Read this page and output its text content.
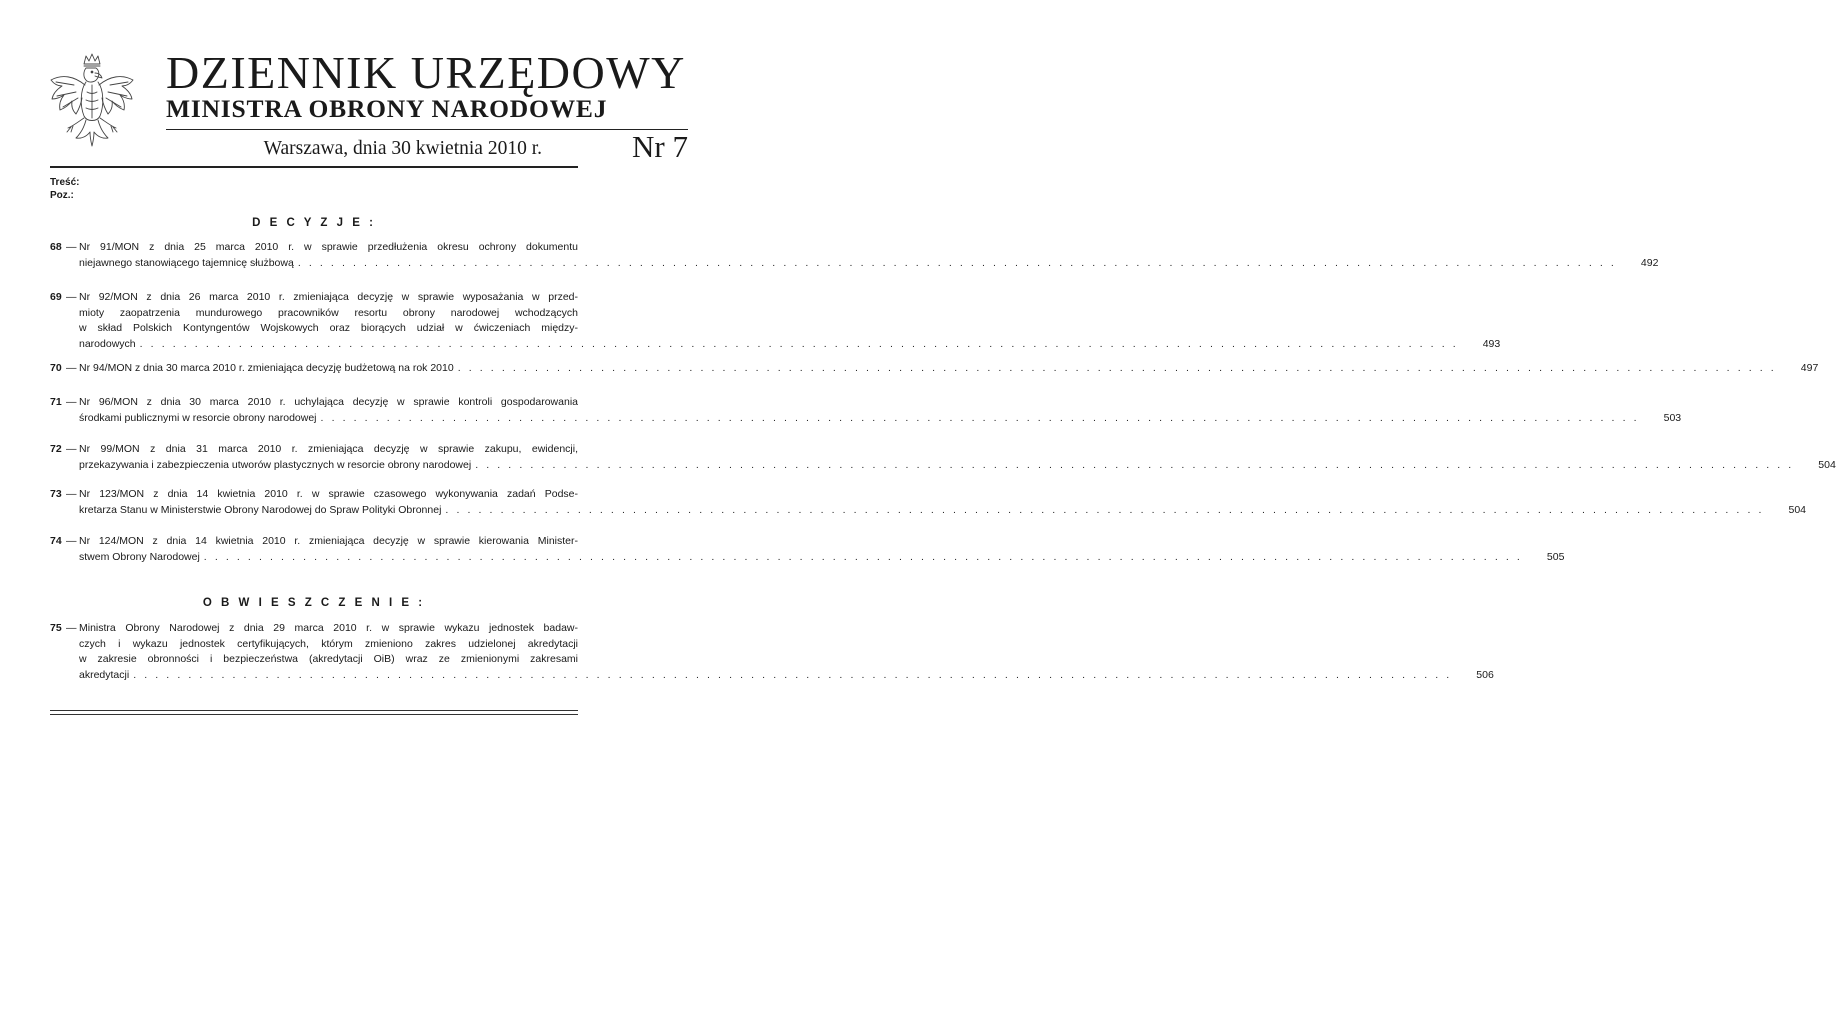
DZIENNIK URZĘDOWY
MINISTRA OBRONY NARODOWEJ
Warszawa, dnia 30 kwietnia 2010 r.	Nr 7
Treść:
Poz.:
D E C Y Z J E :
68 — Nr 91/MON z dnia 25 marca 2010 r. w sprawie przedłużenia okresu ochrony dokumentu
niejawnego stanowiącego tajemnicę służbową . . . . . . . . . . . . . . . . . . . . . . . . . . . . . . . . . . . . . . . . . . . . . . . . . . . . . . . . . . . . . . . . . . . . . . . . . . . . . . . . . . . . . . . . . . . . . . . . . . . . . . . . . . . . . . . . . . . . . . . .	492
69 — Nr 92/MON z dnia 26 marca 2010 r. zmieniająca decyzję w sprawie wyposażania w przed-
mioty zaopatrzenia mundurowego pracowników resortu obrony narodowej wchodzących
w skład Polskich Kontyngentów Wojskowych oraz biorących udział w ćwiczeniach między-
narodowych . . . . . . . . . . . . . . . . . . . . . . . . . . . . . . . . . . . . . . . . . . . . . . . . . . . . . . . . . . . . . . . . . . . . . . . . . . . . . . . . . . . . . . . . . . . . . . . . . . . . . . . . . . . . . . . . . . . . . . . .	493
70 — Nr 94/MON z dnia 30 marca 2010 r. zmieniająca decyzję budżetową na rok 2010 . . . . . . . . . . . . . . . . . . . . . . . . . . . . . . . . . . . . . . . . . . . . . . . . . . . . . . . . . . . . . . . . . . . . . . . . . . . . . . . . . . . . . . . . . . . . . . . . . . . . . . . . . . . . . . . . . . . . . . . .	497
71 — Nr 96/MON z dnia 30 marca 2010 r. uchylająca decyzję w sprawie kontroli gospodarowania
środkami publicznymi w resorcie obrony narodowej . . . . . . . . . . . . . . . . . . . . . . . . . . . . . . . . . . . . . . . . . . . . . . . . . . . . . . . . . . . . . . . . . . . . . . . . . . . . . . . . . . . . . . . . . . . . . . . . . . . . . . . . . . . . . . . . . . . . . . . .	503
72 — Nr 99/MON z dnia 31 marca 2010 r. zmieniająca decyzję w sprawie zakupu, ewidencji,
przekazywania i zabezpieczenia utworów plastycznych w resorcie obrony narodowej . . . . . . . . . . . . . . . . . . . . . . . . . . . . . . . . . . . . . . . . . . . . . . . . . . . . . . . . . . . . . . . . . . . . . . . . . . . . . . . . . . . . . . . . . . . . . . . . . . . . . . . . . . . . . . . . . . . . . . . .	504
73 — Nr 123/MON z dnia 14 kwietnia 2010 r. w sprawie czasowego wykonywania zadań Podse-
kretarza Stanu w Ministerstwie Obrony Narodowej do Spraw Polityki Obronnej . . . . . . . . . . . . . . . . . . . . . . . . . . . . . . . . . . . . . . . . . . . . . . . . . . . . . . . . . . . . . . . . . . . . . . . . . . . . . . . . . . . . . . . . . . . . . . . . . . . . . . . . . . . . . . . . . . . . . . . .	504
74 — Nr 124/MON z dnia 14 kwietnia 2010 r. zmieniająca decyzję w sprawie kierowania Minister-
stwem Obrony Narodowej . . . . . . . . . . . . . . . . . . . . . . . . . . . . . . . . . . . . . . . . . . . . . . . . . . . . . . . . . . . . . . . . . . . . . . . . . . . . . . . . . . . . . . . . . . . . . . . . . . . . . . . . . . . . . . . . . . . . . . . .	505
O B W I E S Z C Z E N I E :
75 — Ministra Obrony Narodowej z dnia 29 marca 2010 r. w sprawie wykazu jednostek badaw-
czych i wykazu jednostek certyfikujących, którym zmieniono zakres udzielonej akredytacji
w zakresie obronności i bezpieczeństwa (akredytacji OiB) wraz ze zmienionymi zakresami
akredytacji . . . . . . . . . . . . . . . . . . . . . . . . . . . . . . . . . . . . . . . . . . . . . . . . . . . . . . . . . . . . . . . . . . . . . . . . . . . . . . . . . . . . . . . . . . . . . . . . . . . . . . . . . . . . . . . . . . . . . . . .	506
